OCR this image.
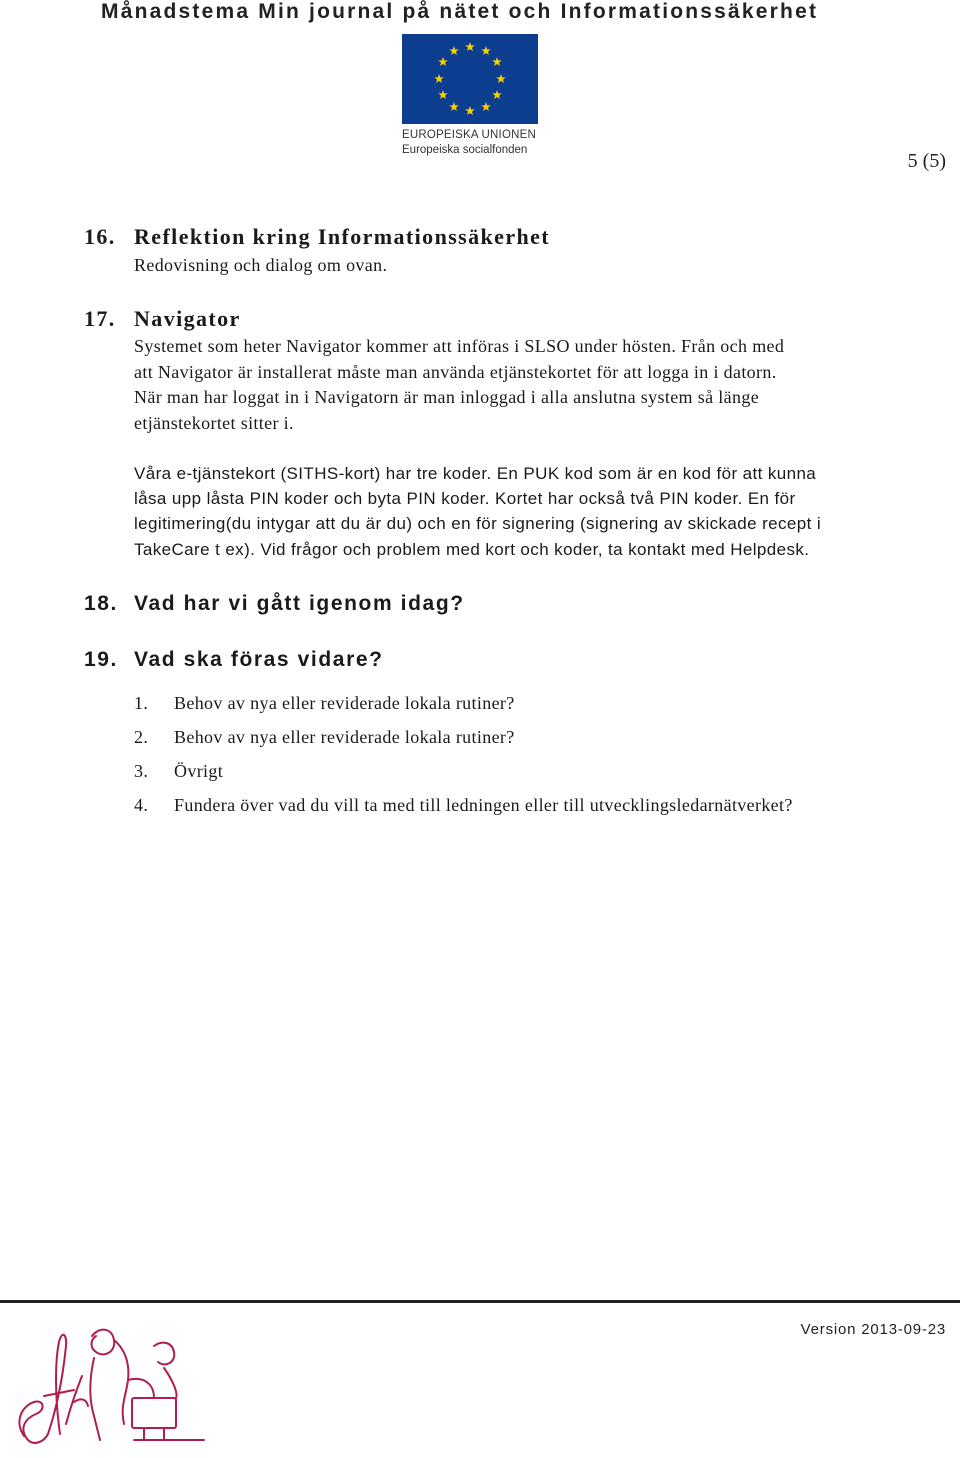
Månadstema Min journal på nätet och Informationssäkerhet
EUROPEISKA UNIONEN
Europeiska socialfonden	5 (5)
16. Reflektion kring Informationssäkerhet
Redovisning och dialog om ovan.
17. Navigator
Systemet som heter Navigator kommer att införas i SLSO under hösten. Från och med
att Navigator är installerat måste man använda etjänstekortet för att logga in i datorn.
När man har loggat in i Navigatorn är man inloggad i alla anslutna system så länge
etjänstekortet sitter i.
Våra e-tjänstekort (SITHS-kort) har tre koder. En PUK kod som är en kod för att kunna
låsa upp låsta PIN koder och byta PIN koder. Kortet har också två PIN koder. En för
legitimering(du intygar att du är du) och en för signering (signering av skickade recept i
TakeCare t ex). Vid frågor och problem med kort och koder, ta kontakt med Helpdesk.
18. Vad har vi gått igenom idag?
19. Vad ska föras vidare?
1. Behov av nya eller reviderade lokala rutiner?
2. Behov av nya eller reviderade lokala rutiner?
3. Övrigt
4. Fundera över vad du vill ta med till ledningen eller till utvecklingsledarnätverket?
Version 2013-09-23
